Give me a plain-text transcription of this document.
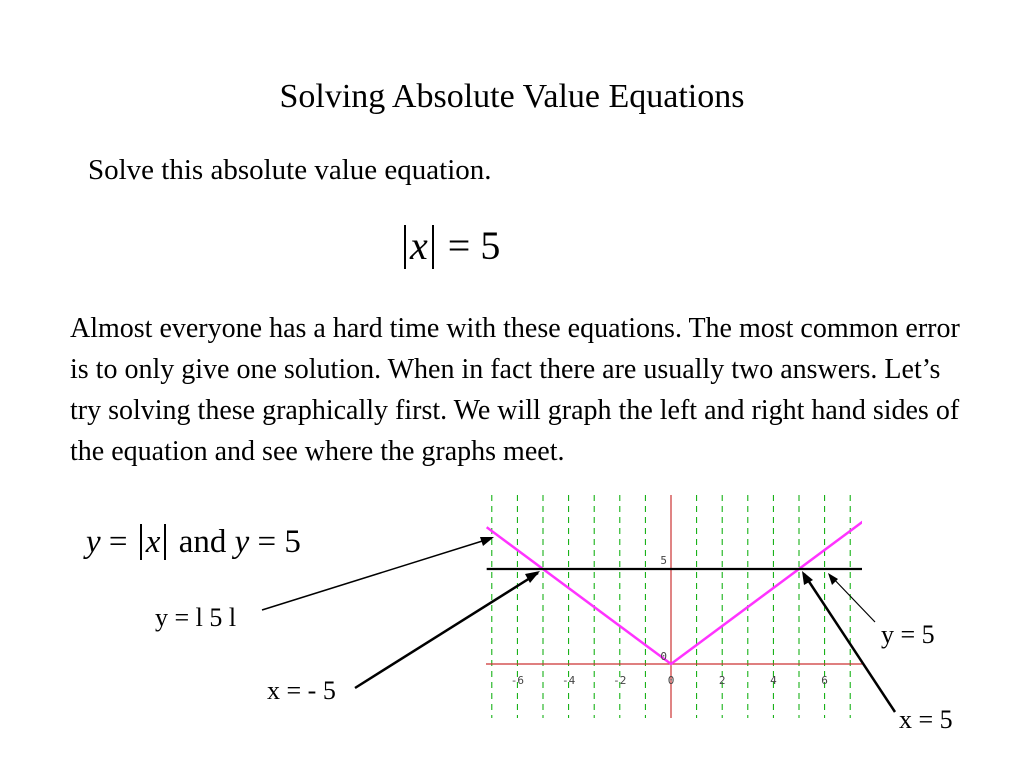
Solving Absolute Value Equations

Solve this absolute value equation.

x = 5

Almost everyone has a hard time with these equations. The most common error is to only give one solution. When in fact there are usually two answers. Let’s try solving these graphically first. We will graph the left and right hand sides of the equation and see where the graphs meet.

y = x and y = 5
y = l 5 l
x = - 5
y = 5
x = 5
-6	-4	-2	0	2	4	6
0
5
